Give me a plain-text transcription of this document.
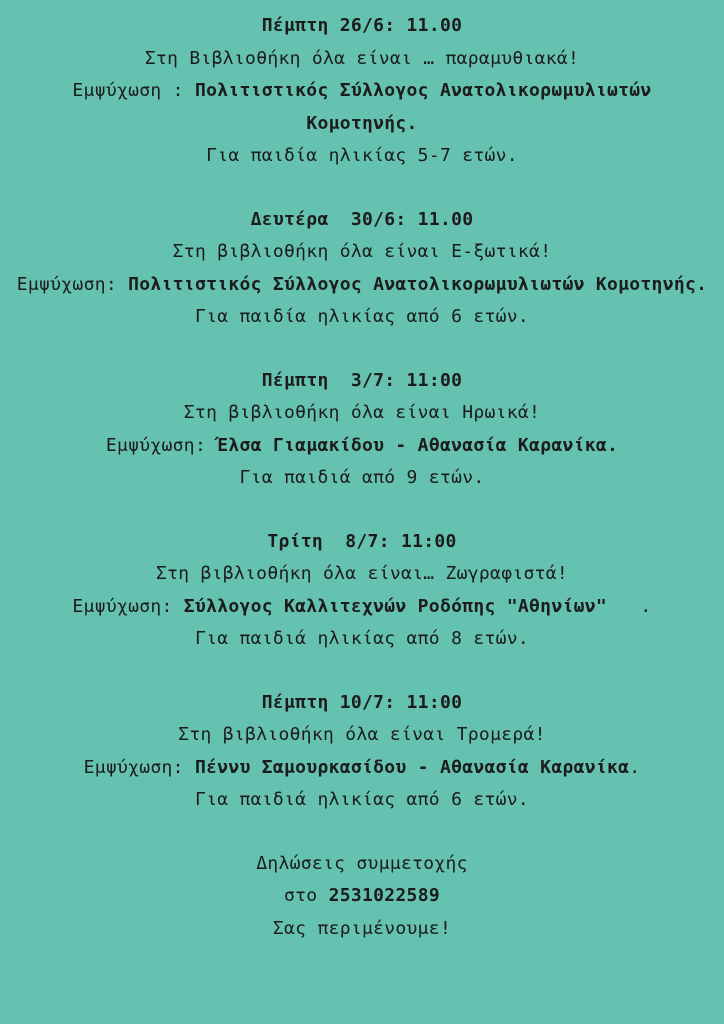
Πέμπτη 26/6: 11.00
Στη Βιβλιοθήκη όλα είναι … παραμυθιακά!
Εμψύχωση : Πολιτιστικός Σύλλογος Ανατολικορωμυλιωτών Κομοτηνής.
Για παιδία ηλικίας 5-7 ετών.
Δευτέρα  30/6: 11.00
Στη βιβλιοθήκη όλα είναι Ε-ξωτικά!
Εμψύχωση: Πολιτιστικός Σύλλογος Ανατολικορωμυλιωτών Κομοτηνής.
Για παιδία ηλικίας από 6 ετών.
Πέμπτη  3/7: 11:00
Στη βιβλιοθήκη όλα είναι Ηρωικά!
Εμψύχωση: Έλσα Γιαμακίδου - Αθανασία Καρανίκα.
Για παιδιά από 9 ετών.
Τρίτη  8/7: 11:00
Στη βιβλιοθήκη όλα είναι… Ζωγραφιστά!
Εμψύχωση: Σύλλογος Καλλιτεχνών Ροδόπης "Αθηνίων"   .
Για παιδιά ηλικίας από 8 ετών.
Πέμπτη 10/7: 11:00
Στη βιβλιοθήκη όλα είναι Τρομερά!
Εμψύχωση: Πέννυ Σαμουρκασίδου - Αθανασία Καρανίκα.
Για παιδιά ηλικίας από 6 ετών.
Δηλώσεις συμμετοχής
στο 2531022589
Σας περιμένουμε!
